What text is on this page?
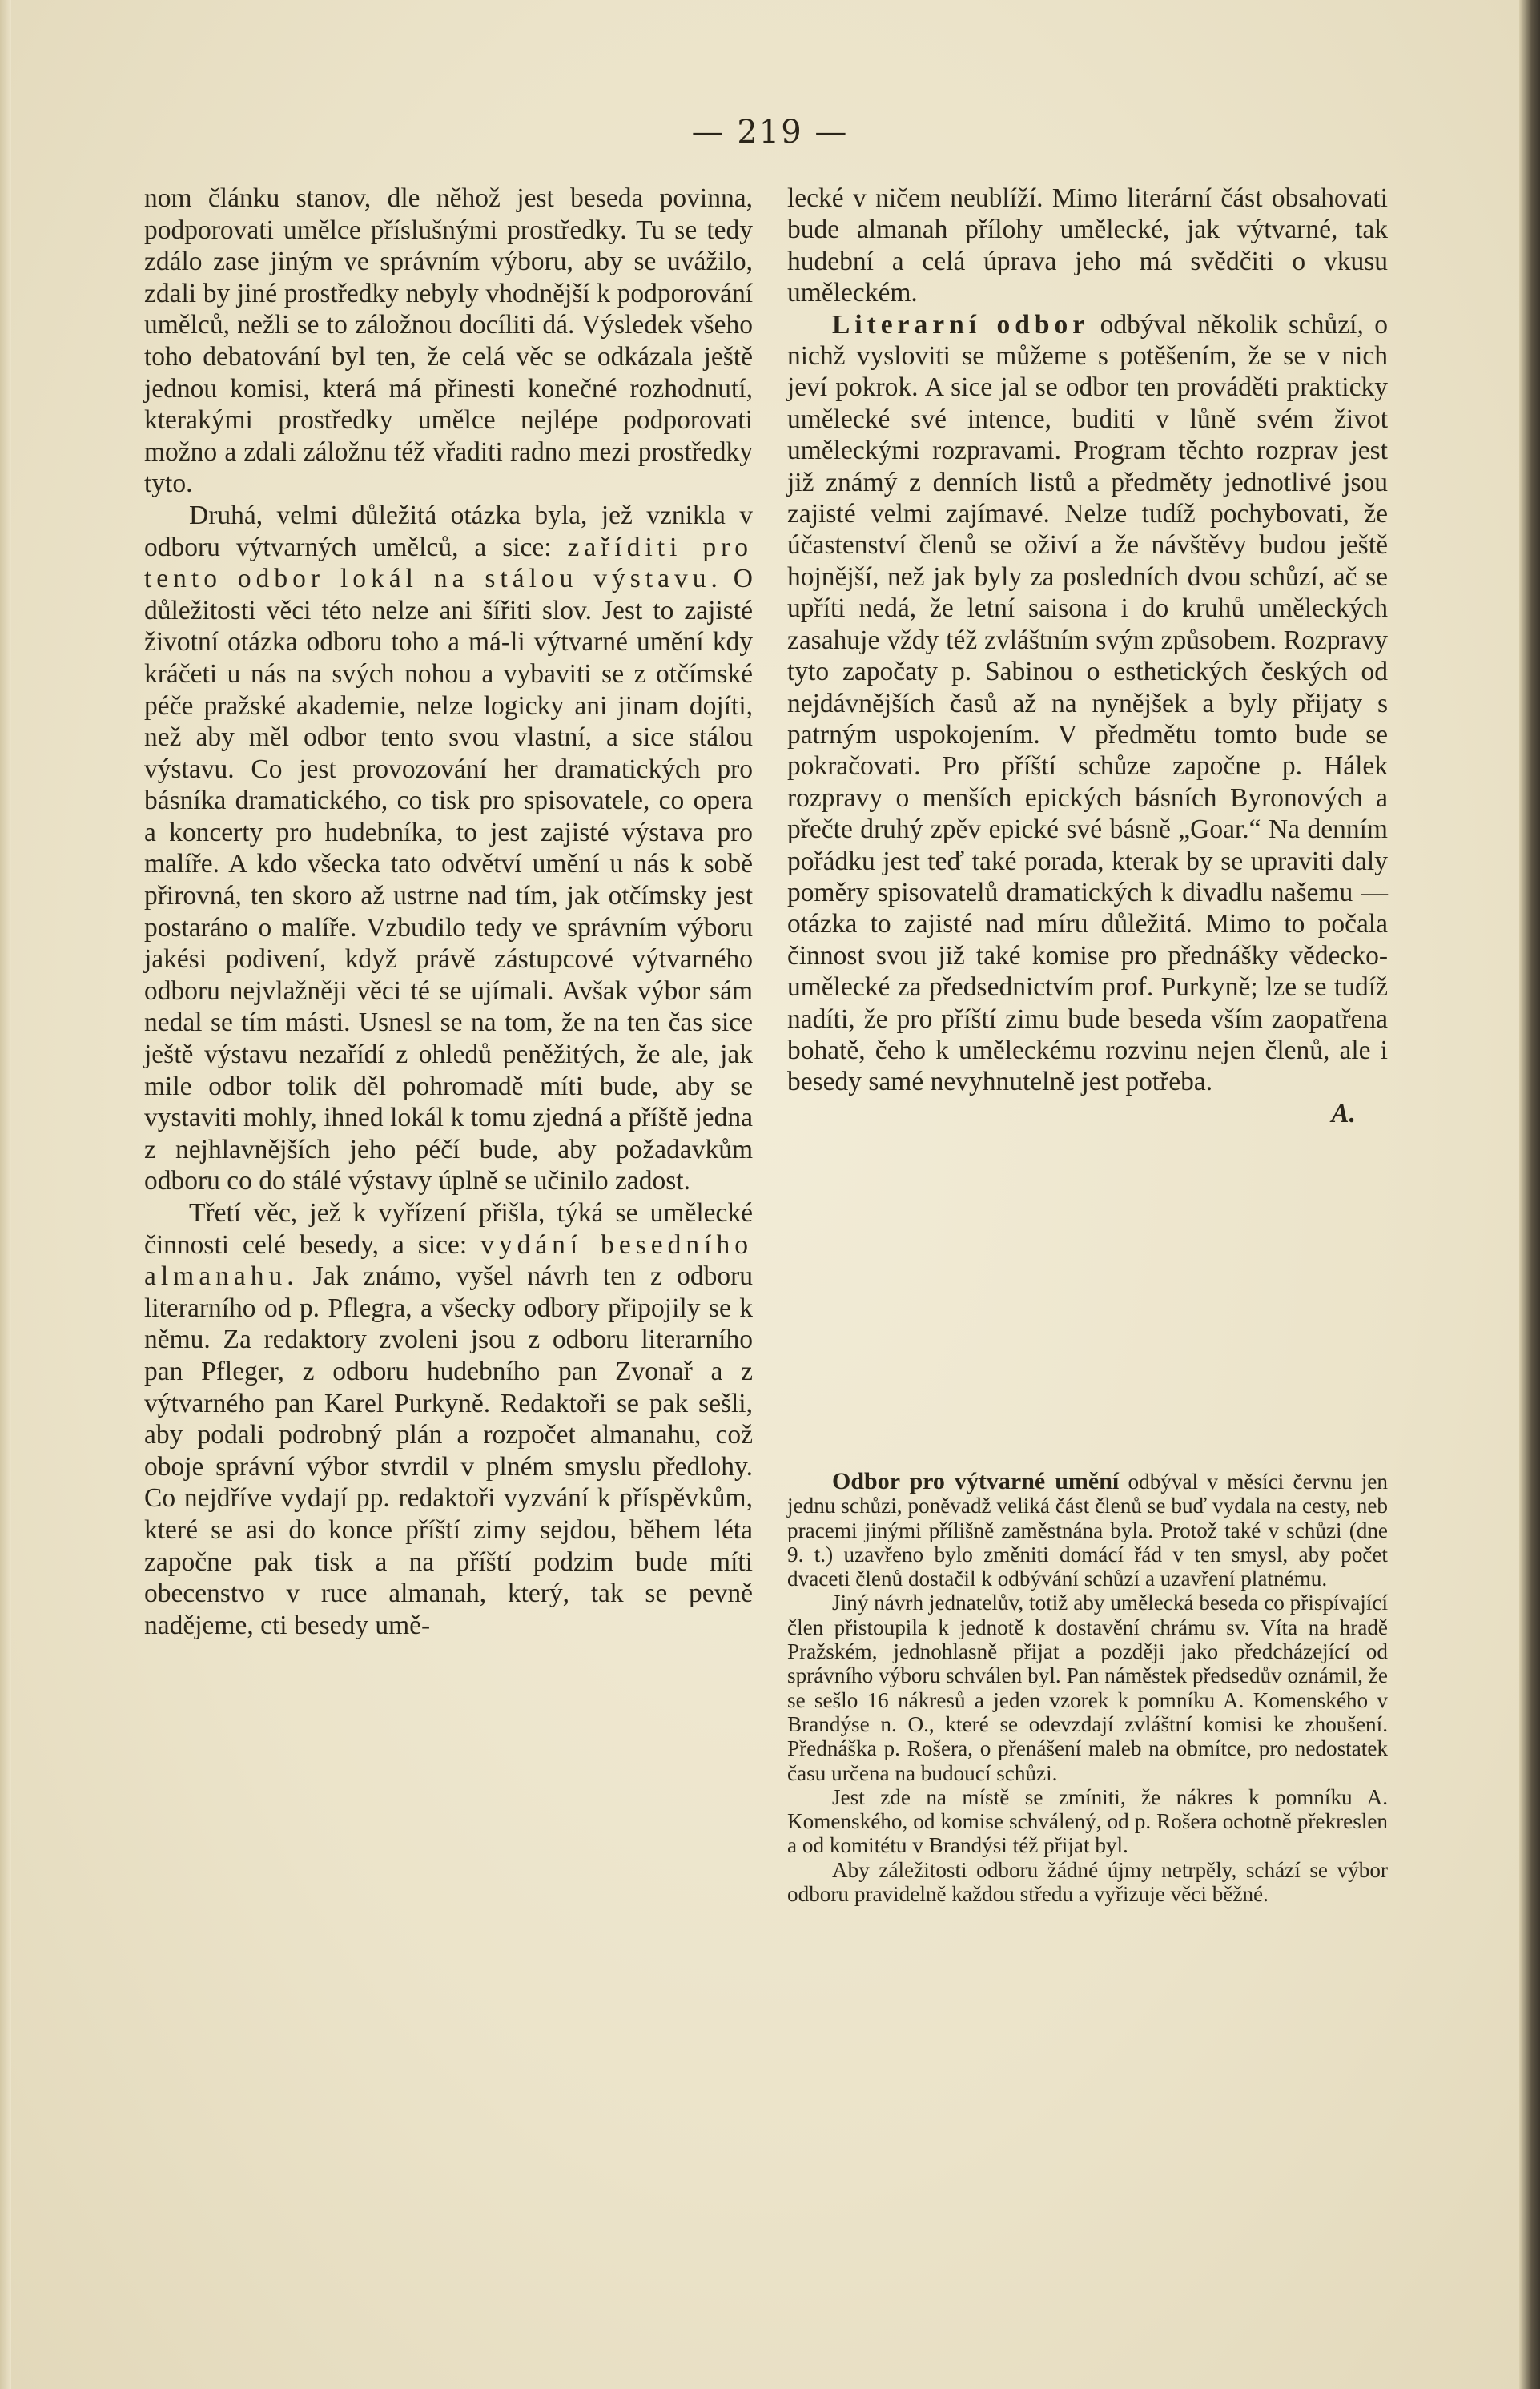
— 219 —

nom článku stanov, dle něhož jest beseda povinna, podporovati umělce příslušnými prostředky. Tu se tedy zdálo zase jiným ve správním výboru, aby se uvážilo, zdali by jiné prostředky nebyly vhodnější k podporování umělců, nežli se to záložnou docíliti dá. Výsledek všeho toho debatování byl ten, že celá věc se odkázala ještě jednou komisi, která má přinesti konečné rozhodnutí, kterakými prostředky umělce nejlépe podporovati možno a zdali záložnu též vřaditi radno mezi prostředky tyto.

Druhá, velmi důležitá otázka byla, jež vznikla v odboru výtvarných umělců, a sice: zaříditi pro tento odbor lokál na stálou výstavu. O důležitosti věci této nelze ani šířiti slov. Jest to zajisté životní otázka odboru toho a má-li výtvarné umění kdy kráčeti u nás na svých nohou a vybaviti se z otčímské péče pražské akademie, nelze logicky ani jinam dojíti, než aby měl odbor tento svou vlastní, a sice stálou výstavu. Co jest provozování her dramatických pro básníka dramatického, co tisk pro spisovatele, co opera a koncerty pro hudebníka, to jest zajisté výstava pro malíře. A kdo všecka tato odvětví umění u nás k sobě přirovná, ten skoro až ustrne nad tím, jak otčímsky jest postaráno o malíře. Vzbudilo tedy ve správním výboru jakési podivení, když právě zástupcové výtvarného odboru nejvlažněji věci té se ujímali. Avšak výbor sám nedal se tím másti. Usnesl se na tom, že na ten čas sice ještě výstavu nezařídí z ohledů peněžitých, že ale, jak mile odbor tolik děl pohromadě míti bude, aby se vystaviti mohly, ihned lokál k tomu zjedná a příště jedna z nejhlavnějších jeho péčí bude, aby požadavkům odboru co do stálé výstavy úplně se učinilo zadost.

Třetí věc, jež k vyřízení přišla, týká se umělecké činnosti celé besedy, a sice: vydání besedního almanahu. Jak známo, vyšel návrh ten z odboru literarního od p. Pflegra, a všecky odbory připojily se k němu. Za redaktory zvoleni jsou z odboru literarního pan Pfleger, z odboru hudebního pan Zvonař a z výtvarného pan Karel Purkyně. Redaktoři se pak sešli, aby podali podrobný plán a rozpočet almanahu, což oboje správní výbor stvrdil v plném smyslu předlohy. Co nejdříve vydají pp. redaktoři vyzvání k příspěvkům, které se asi do konce příští zimy sejdou, během léta započne pak tisk a na příští podzim bude míti obecenstvo v ruce almanah, který, tak se pevně nadějeme, cti besedy umě-

lecké v ničem neublíží. Mimo literární část obsahovati bude almanah přílohy umělecké, jak výtvarné, tak hudební a celá úprava jeho má svědčiti o vkusu uměleckém.

Literarní odbor odbýval několik schůzí, o nichž vysloviti se můžeme s potěšením, že se v nich jeví pokrok. A sice jal se odbor ten prováděti prakticky umělecké své intence, buditi v lůně svém život uměleckými rozpravami. Program těchto rozprav jest již známý z denních listů a předměty jednotlivé jsou zajisté velmi zajímavé. Nelze tudíž pochybovati, že účastenství členů se oživí a že návštěvy budou ještě hojnější, než jak byly za posledních dvou schůzí, ač se upříti nedá, že letní saisona i do kruhů uměleckých zasahuje vždy též zvláštním svým způsobem. Rozpravy tyto započaty p. Sabinou o esthetických českých od nejdávnějších časů až na nynějšek a byly přijaty s patrným uspokojením. V předmětu tomto bude se pokračovati. Pro příští schůze započne p. Hálek rozpravy o menších epických básních Byronových a přečte druhý zpěv epické své básně „Goar.“ Na denním pořádku jest teď také porada, kterak by se upraviti daly poměry spisovatelů dramatických k divadlu našemu — otázka to zajisté nad míru důležitá. Mimo to počala činnost svou již také komise pro přednášky vědecko-umělecké za předsednictvím prof. Purkyně; lze se tudíž nadíti, že pro příští zimu bude beseda vším zaopatřena bohatě, čeho k uměleckému rozvinu nejen členů, ale i besedy samé nevyhnutelně jest potřeba.

A.

Odbor pro výtvarné umění odbýval v měsíci červnu jen jednu schůzi, poněvadž veliká část členů se buď vydala na cesty, neb pracemi jinými přílišně zaměstnána byla. Protož také v schůzi (dne 9. t.) uzavřeno bylo změniti domácí řád v ten smysl, aby počet dvaceti členů dostačil k odbývání schůzí a uzavření platnému.

Jiný návrh jednatelův, totiž aby umělecká beseda co přispívající člen přistoupila k jednotě k dostavění chrámu sv. Víta na hradě Pražském, jednohlasně přijat a později jako předcházející od správního výboru schválen byl. Pan náměstek předsedův oznámil, že se sešlo 16 nákresů a jeden vzorek k pomníku A. Komenského v Brandýse n. O., které se odevzdají zvláštní komisi ke zhoušení. Přednáška p. Rošera, o přenášení maleb na obmítce, pro nedostatek času určena na budoucí schůzi.

Jest zde na místě se zmíniti, že nákres k pomníku A. Komenského, od komise schválený, od p. Rošera ochotně překreslen a od komitétu v Brandýsi též přijat byl.

Aby záležitosti odboru žádné újmy netrpěly, schází se výbor odboru pravidelně každou středu a vyřizuje věci běžné.
